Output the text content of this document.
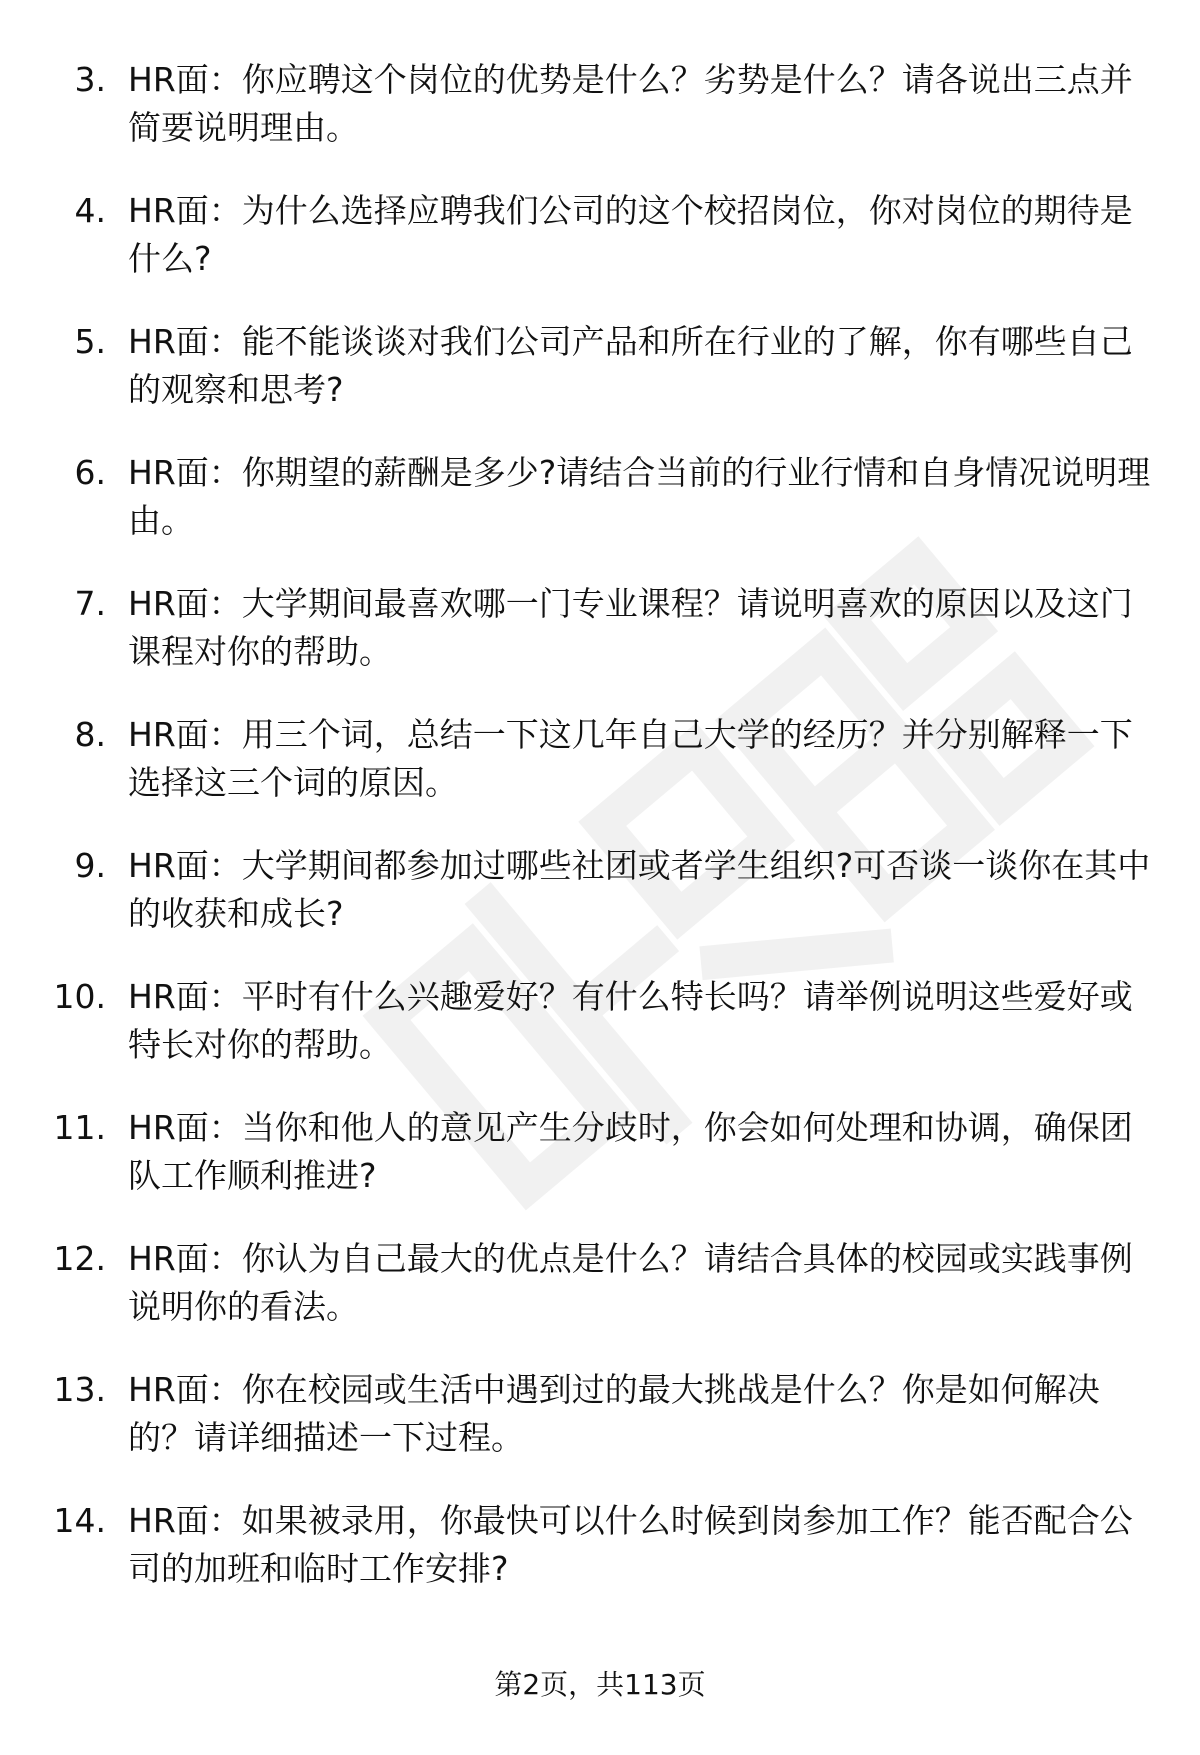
3. HR面：你应聘这个岗位的优势是什么？劣势是什么？请各说出三点并简要说明理由。
4. HR面：为什么选择应聘我们公司的这个校招岗位，你对岗位的期待是什么?
5. HR面：能不能谈谈对我们公司产品和所在行业的了解，你有哪些自己的观察和思考?
6. HR面：你期望的薪酬是多少?请结合当前的行业行情和自身情况说明理由。
7. HR面：大学期间最喜欢哪一门专业课程？请说明喜欢的原因以及这门课程对你的帮助。
8. HR面：用三个词，总结一下这几年自己大学的经历？并分别解释一下选择这三个词的原因。
9. HR面：大学期间都参加过哪些社团或者学生组织?可否谈一谈你在其中的收获和成长?
10. HR面：平时有什么兴趣爱好？有什么特长吗？请举例说明这些爱好或特长对你的帮助。
11. HR面：当你和他人的意见产生分歧时，你会如何处理和协调，确保团队工作顺利推进?
12. HR面：你认为自己最大的优点是什么？请结合具体的校园或实践事例说明你的看法。
13. HR面：你在校园或生活中遇到过的最大挑战是什么？你是如何解决的？请详细描述一下过程。
14. HR面：如果被录用，你最快可以什么时候到岗参加工作？能否配合公司的加班和临时工作安排?
第2页，共113页
